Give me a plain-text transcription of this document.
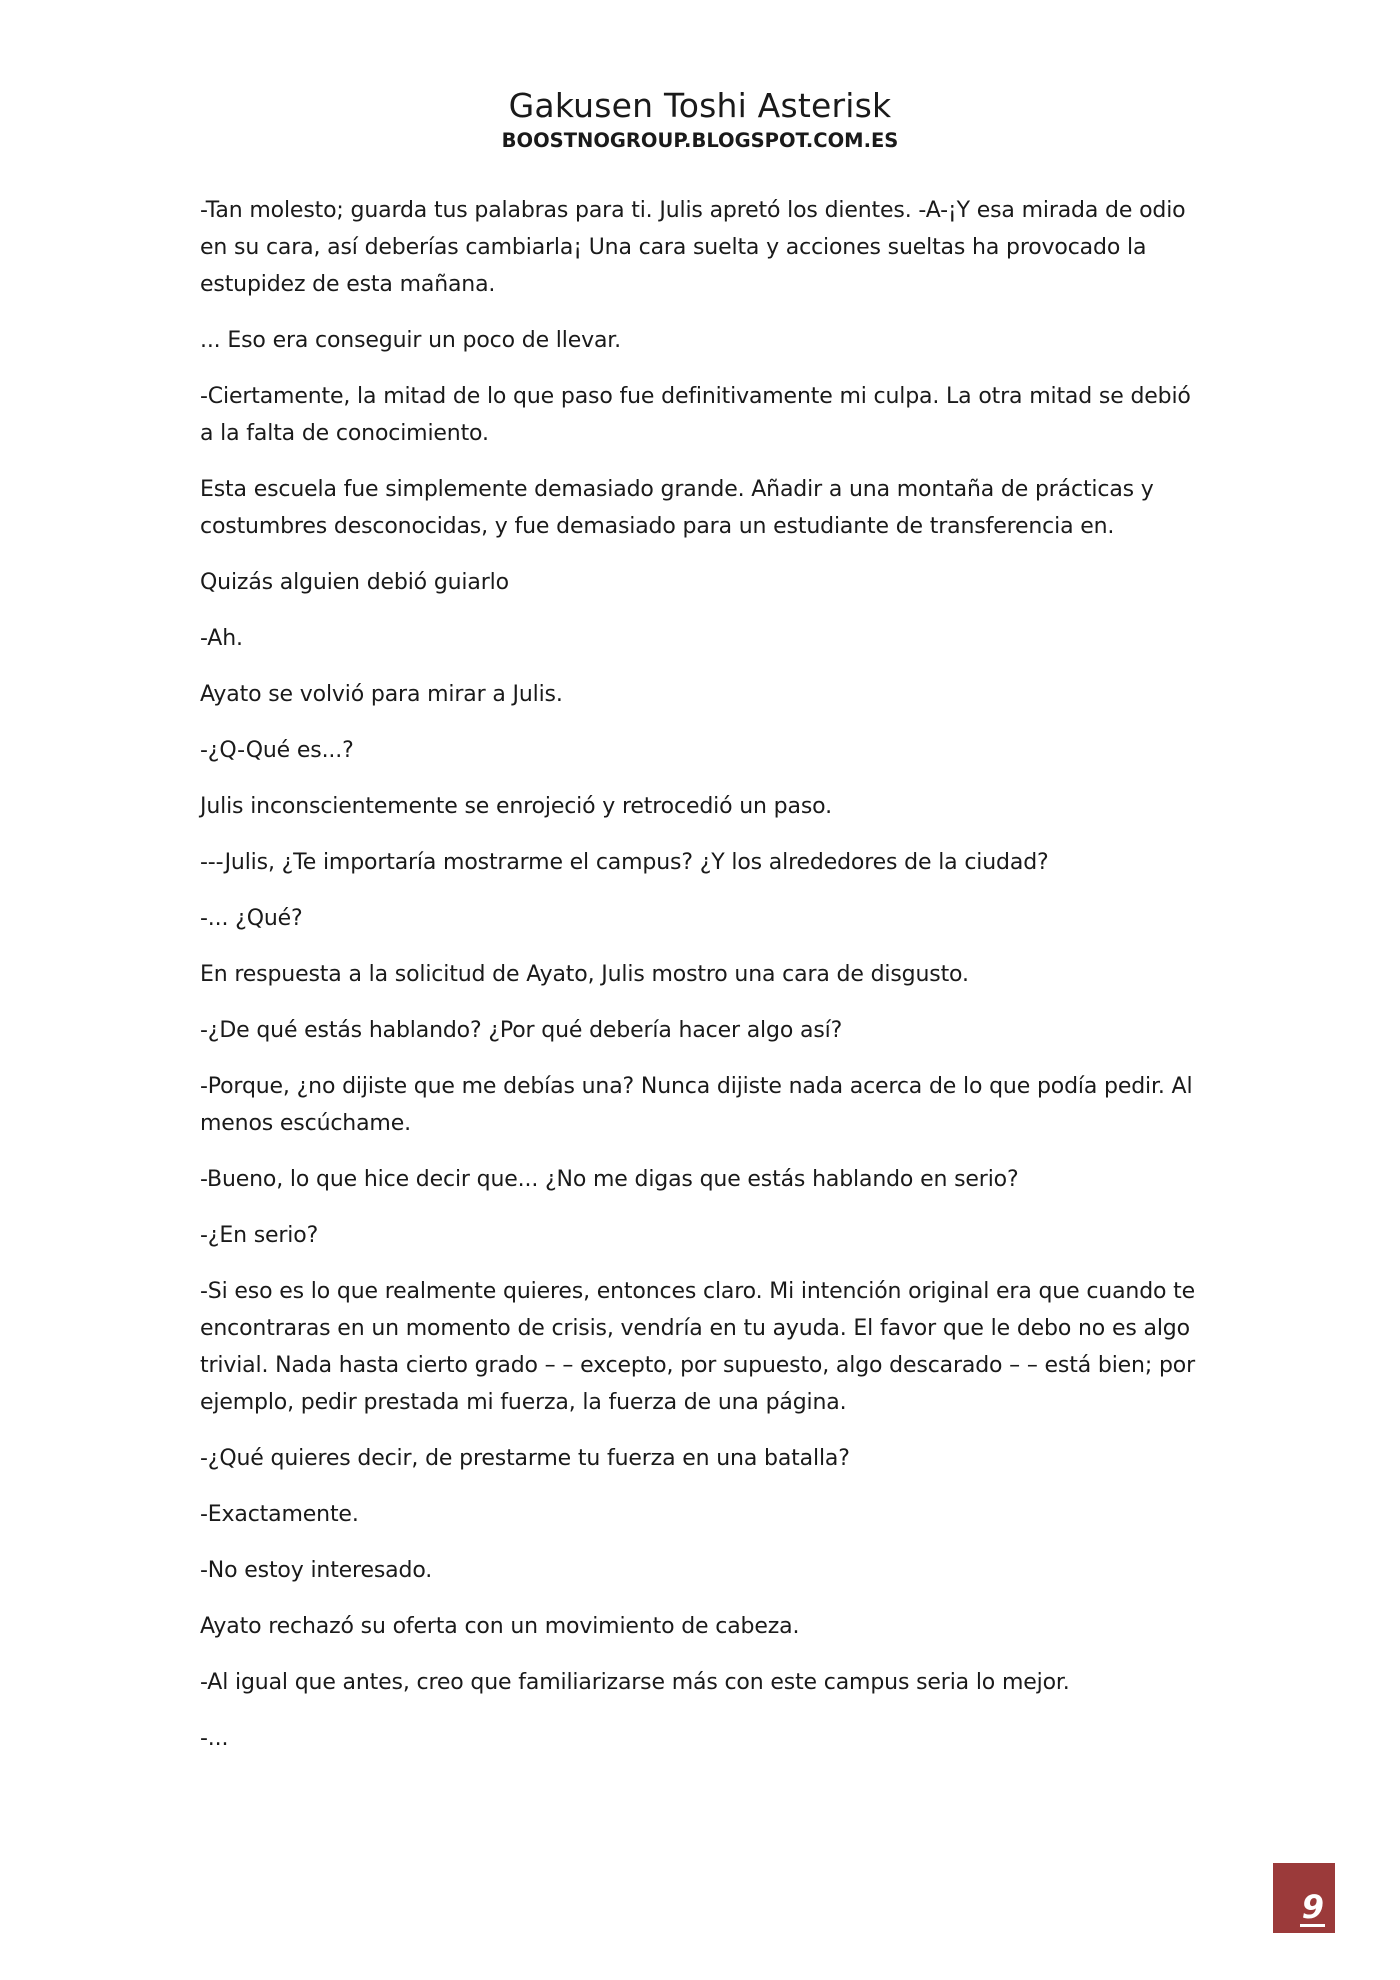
Gakusen Toshi Asterisk
BOOSTNOGROUP.BLOGSPOT.COM.ES

-Tan molesto; guarda tus palabras para ti. Julis apretó los dientes. -A-¡Y esa mirada de odio en su cara, así deberías cambiarla¡ Una cara suelta y acciones sueltas ha provocado la estupidez de esta mañana.

... Eso era conseguir un poco de llevar.

-Ciertamente, la mitad de lo que paso fue definitivamente mi culpa. La otra mitad se debió a la falta de conocimiento.

Esta escuela fue simplemente demasiado grande. Añadir a una montaña de prácticas y costumbres desconocidas, y fue demasiado para un estudiante de transferencia en.

Quizás alguien debió guiarlo

-Ah.

Ayato se volvió para mirar a Julis.

-¿Q-Qué es...?

Julis inconscientemente se enrojeció y retrocedió un paso.

---Julis, ¿Te importaría mostrarme el campus? ¿Y los alrededores de la ciudad?

-... ¿Qué?

En respuesta a la solicitud de Ayato, Julis mostro una cara de disgusto.

-¿De qué estás hablando? ¿Por qué debería hacer algo así?

-Porque, ¿no dijiste que me debías una? Nunca dijiste nada acerca de lo que podía pedir. Al menos escúchame.

-Bueno, lo que hice decir que... ¿No me digas que estás hablando en serio?

-¿En serio?

-Si eso es lo que realmente quieres, entonces claro. Mi intención original era que cuando te encontraras en un momento de crisis, vendría en tu ayuda. El favor que le debo no es algo trivial. Nada hasta cierto grado – – excepto, por supuesto, algo descarado – – está bien; por ejemplo, pedir prestada mi fuerza, la fuerza de una página.

-¿Qué quieres decir, de prestarme tu fuerza en una batalla?

-Exactamente.

-No estoy interesado.

Ayato rechazó su oferta con un movimiento de cabeza.

-Al igual que antes, creo que familiarizarse más con este campus seria lo mejor.

-...

9
